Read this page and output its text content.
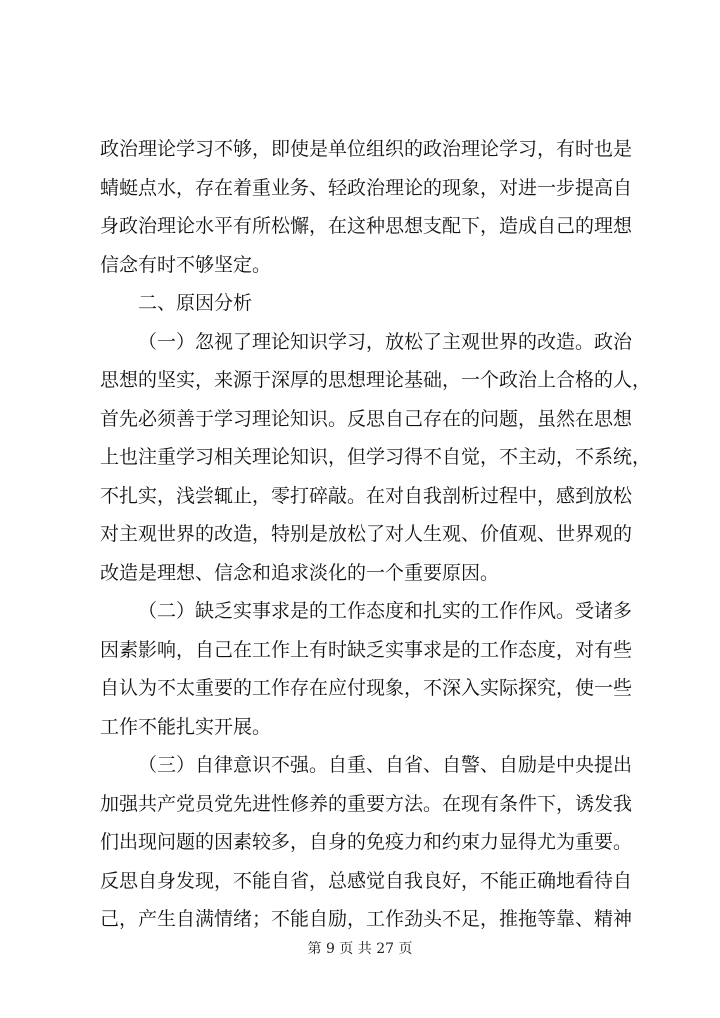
政治理论学习不够，即使是单位组织的政治理论学习，有时也是
蜻蜓点水，存在着重业务、轻政治理论的现象，对进一步提高自
身政治理论水平有所松懈，在这种思想支配下，造成自己的理想
信念有时不够坚定。
二、原因分析
（一）忽视了理论知识学习，放松了主观世界的改造。政治
思想的坚实，来源于深厚的思想理论基础，一个政治上合格的人，
首先必须善于学习理论知识。反思自己存在的问题，虽然在思想
上也注重学习相关理论知识，但学习得不自觉，不主动，不系统，
不扎实，浅尝辄止，零打碎敲。在对自我剖析过程中，感到放松
对主观世界的改造，特别是放松了对人生观、价值观、世界观的
改造是理想、信念和追求淡化的一个重要原因。
（二）缺乏实事求是的工作态度和扎实的工作作风。受诸多
因素影响，自己在工作上有时缺乏实事求是的工作态度，对有些
自认为不太重要的工作存在应付现象，不深入实际探究，使一些
工作不能扎实开展。
（三）自律意识不强。自重、自省、自警、自励是中央提出
加强共产党员党先进性修养的重要方法。在现有条件下，诱发我
们出现问题的因素较多，自身的免疫力和约束力显得尤为重要。
反思自身发现，不能自省，总感觉自我良好，不能正确地看待自
己，产生自满情绪；不能自励，工作劲头不足，推拖等靠、精神
第 9 页 共 27 页
